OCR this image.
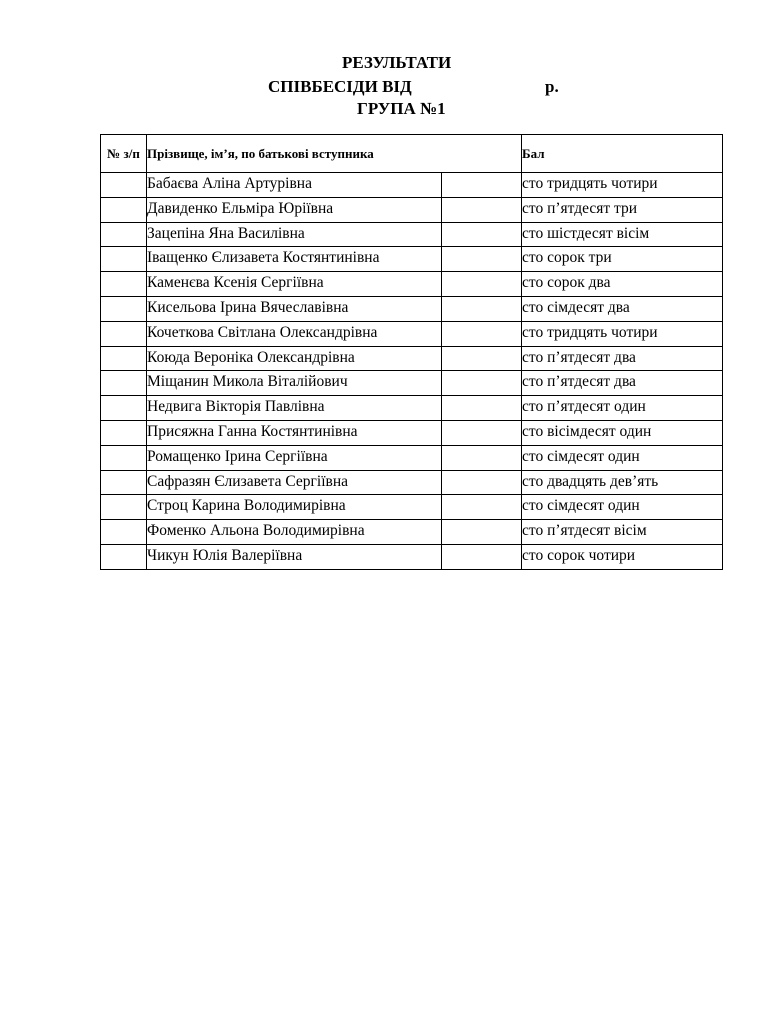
РЕЗУЛЬТАТИ
СПІВБЕСІДИ ВІД	р.
ГРУПА №1
№ з/п	Прізвище, ім’я, по батькові вступника		Бал
	Бабаєва Аліна Артурівна		сто тридцять чотири
	Давиденко Ельміра Юріївна		сто п’ятдесят три
	Зацепіна Яна Василівна		сто шістдесят вісім
	Іващенко Єлизавета Костянтинівна		сто сорок три
	Каменєва Ксенія Сергіївна		сто сорок два
	Кисельова Ірина Вячеславівна		сто сімдесят два
	Кочеткова Світлана Олександрівна		сто тридцять чотири
	Коюда Вероніка Олександрівна		сто п’ятдесят два
	Міщанин Микола Віталійович		сто п’ятдесят два
	Недвига Вікторія Павлівна		сто п’ятдесят один
	Присяжна Ганна Костянтинівна		сто вісімдесят один
	Ромащенко Ірина Сергіївна		сто сімдесят один
	Сафразян Єлизавета Сергіївна		сто двадцять дев’ять
	Строц Карина Володимирівна		сто сімдесят один
	Фоменко Альона Володимирівна		сто п’ятдесят вісім
	Чикун Юлія Валеріївна		сто сорок чотири
